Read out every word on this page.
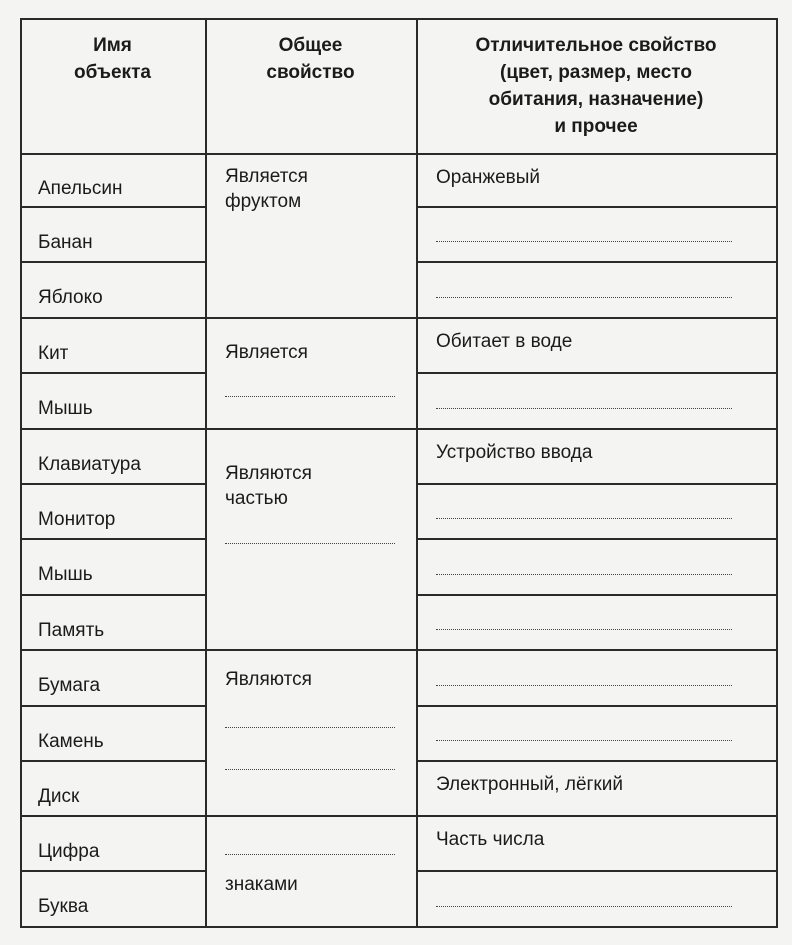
Имя
объекта
Общее
свойство
Отличительное свойство
(цвет, размер, место
обитания, назначение)
и прочее
Апельсин	Оранжевый
Банан
Яблоко
Кит
Обитает в воде
Мышь
Клавиатура
Устройство ввода
Монитор
Мышь
Память
Бумага
Камень
Диск
Электронный, лёгкий
Цифра
Часть числа
Буква
Является
фруктом
Является
Являются
частью
Являются
знаками
